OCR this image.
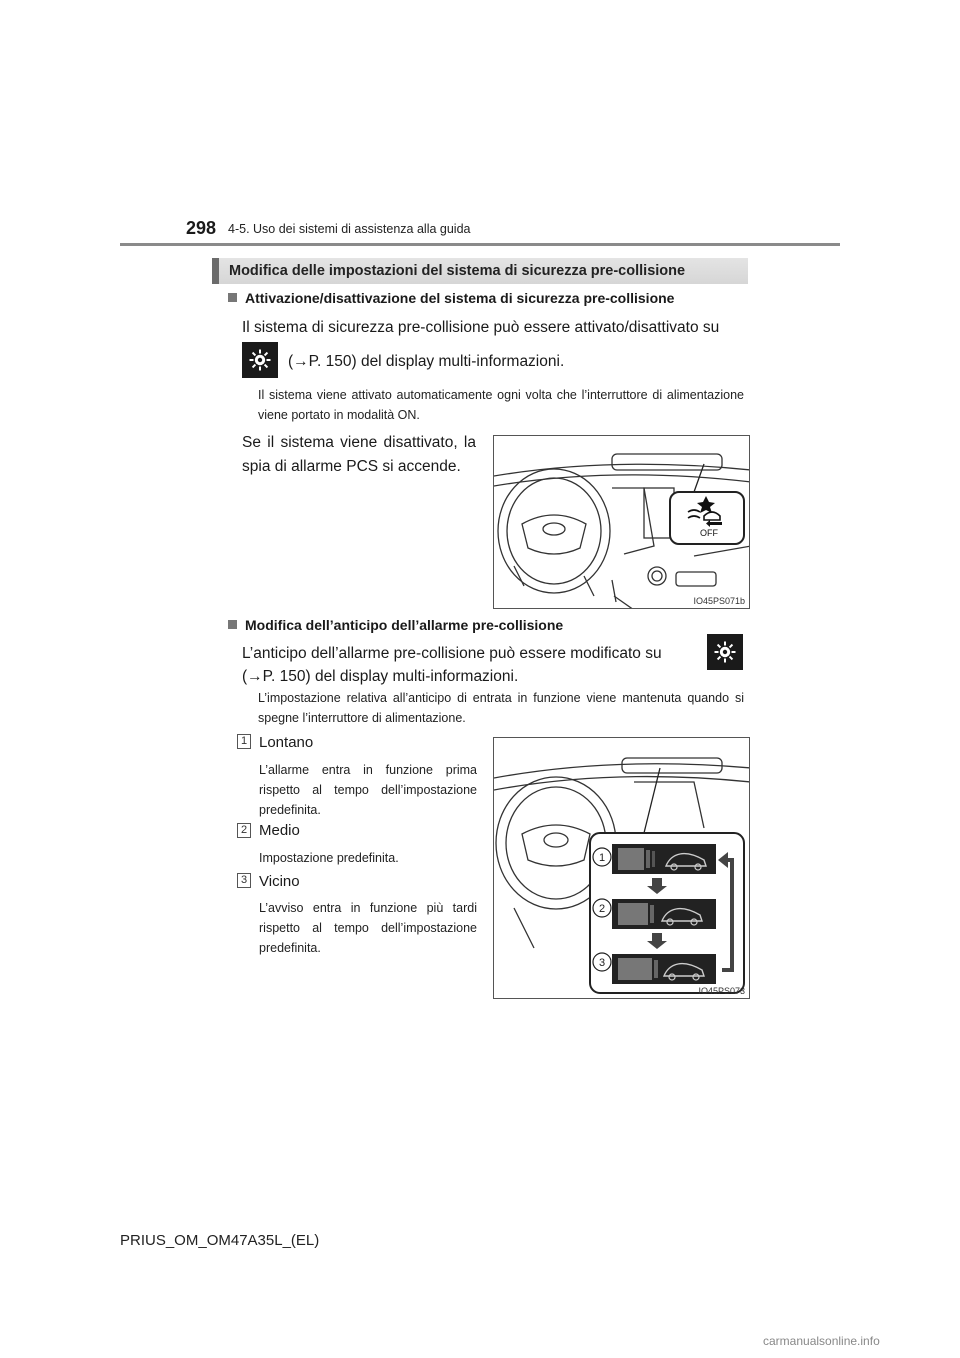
298 4-5. Uso dei sistemi di assistenza alla guida
Modifica delle impostazioni del sistema di sicurezza pre-collisione
Attivazione/disattivazione del sistema di sicurezza pre-collisione
Il sistema di sicurezza pre-collisione può essere attivato/disattivato su
(→P. 150) del display multi-informazioni.
Il sistema viene attivato automaticamente ogni volta che l’interruttore di alimentazione viene portato in modalità ON.
Se il sistema viene disattivato, la spia di allarme PCS si accende.
OFF
IO45PS071b
Modifica dell’anticipo dell’allarme pre-collisione
L’anticipo dell’allarme pre-collisione può essere modificato su
(→P. 150) del display multi-informazioni.
L’impostazione relativa all’anticipo di entrata in funzione viene mantenuta quando si spegne l’interruttore di alimentazione.
1 Lontano
L’allarme entra in funzione prima rispetto al tempo dell’impostazione predefinita.
2 Medio
Impostazione predefinita.
3 Vicino
L’avviso entra in funzione più tardi rispetto al tempo dell’impostazione predefinita.
1
2
3
IO45PS073
PRIUS_OM_OM47A35L_(EL)
carmanualsonline.info
